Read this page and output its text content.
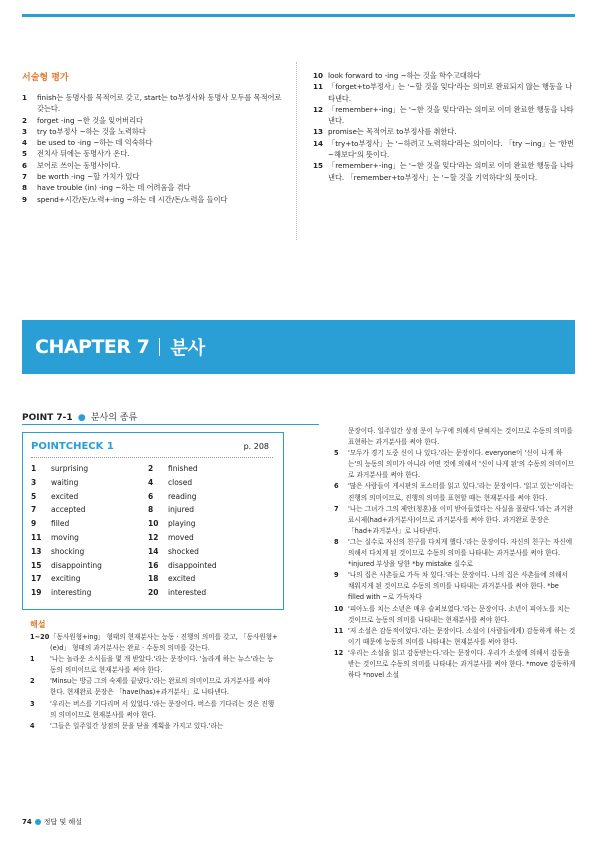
서술형 평가
1	finish는 동명사를 목적어로 갖고, start는 to부정사와 동명사 모두를 목적어로 갖는다.
2	forget -ing ~한 것을 잊어버리다
3	try to부정사 ~하는 것을 노력하다
4	be used to -ing ~하는 데 익숙하다
5	전치사 뒤에는 동명사가 온다.
6	보어로 쓰이는 동명사이다.
7	be worth -ing ~할 가치가 있다
8	have trouble (in) -ing ~하는 데 어려움을 겪다
9	spend+시간/돈/노력+-ing ~하는 데 시간/돈/노력을 들이다
10 look forward to -ing ~하는 것을 학수고대하다
11 「forget+to부정사」는 '~할 것을 잊다'라는 의미로 완료되지 않는 행동을 나타낸다.
12 「remember+-ing」는 '~한 것을 잊다'라는 의미로 이미 완료한 행동을 나타낸다.
13 promise는 목적어로 to부정사를 취한다.
14 「try+to부정사」는 '~하려고 노력하다'라는 의미이다. 「try ~ing」는 '한번 ~해보다'의 뜻이다.
15 「remember+-ing」는 '~한 것을 잊다'라는 의미로 이미 완료한 행동을 나타낸다. 「remember+to부정사」는 '~할 것을 기억하다'의 뜻이다.
CHAPTER 7 분사
POINT 7-1 ● 분사의 종류
POINTCHECK 1	p. 208
1	surprising	2	finished
3	waiting	4	closed
5	excited	6	reading
7	accepted	8	injured
9	filled	10	playing
11	moving	12	moved
13	shocking	14	shocked
15	disappointing	16	disappointed
17	exciting	18	excited
19	interesting	20	interested
해설
1~20 「동사원형+ing」 형태의 현재분사는 능동 · 진행의 의미를 갖고, 「동사원형+(e)d」 형태의 과거분사는 완료 · 수동의 의미를 갖는다.
1	'나는 놀라운 소식들을 몇 개 받았다.'라는 문장이다. '놀라게 하는 뉴스'라는 능동의 의미이므로 현재분사를 써야 한다.
2	'Minsu는 방금 그의 숙제를 끝냈다.'라는 완료의 의미이므로 과거분사를 써야 한다. 현재완료 문장은 「have(has)+과거분사」로 나타낸다.
3	'우리는 버스를 기다리며 서 있었다.'라는 문장이다. 버스를 기다리는 것은 진행의 의미이므로 현재분사를 써야 한다.
4	'그들은 일주일간 상점의 문을 닫을 계획을 가지고 있다.'라는
문장이다. 일주일간 상점 문이 누구에 의해서 닫혀지는 것이므로 수동의 의미를 표현하는 과거분사를 써야 한다.
5	'모두가 경기 도중 신이 나 있다.'라는 문장이다. everyone이 '신이 나게 하는'의 능동의 의미가 아니라 어떤 것에 의해서 '신이 나게 된'의 수동의 의미이므로 과거분사를 써야 한다.
6	'많은 사람들이 게시판의 포스터를 읽고 있다.'라는 문장이다. '읽고 있는'이라는 진행의 의미이므로, 진행의 의미를 표현할 때는 현재분사를 써야 한다.
7	'나는 그녀가 그의 제안(청혼)을 이미 받아들였다는 사실을 몰랐다.'라는 과거완료시제(had+과거분사)이므로 과거분사를 써야 한다. 과거완료 문장은 「had+과거분사」로 나타낸다.
8	'그는 실수로 자신의 친구를 다치게 했다.'라는 문장이다. 자신의 친구는 자신에 의해서 다치게 된 것이므로 수동의 의미를 나타내는 과거분사를 써야 한다.
*injured 부상을 당한 *by mistake 실수로
9	'나의 집은 사촌들로 가득 차 있다.'라는 문장이다. 나의 집은 사촌들에 의해서 채워지게 된 것이므로 수동의 의미를 나타내는 과거분사를 써야 한다. *be filled with ~로 가득차다
10 '피아노를 치는 소년은 매우 슬퍼보였다.'라는 문장이다. 소년이 피아노를 치는 것이므로 능동의 의미를 나타내는 현재분사를 써야 한다.
11 '저 소설은 감동적이었다.'라는 문장이다. 소설이 (사람들에게) 감동하게 하는 것이기 때문에 능동의 의미를 나타내는 현재분사를 써야 한다.
12 '우리는 소설을 읽고 감동받는다.'라는 문장이다. 우리가 소설에 의해서 감동을 받는 것이므로 수동의 의미를 나타내는 과거분사를 써야 한다. *move 감동하게 하다 *novel 소설
74 정답 및 해설
